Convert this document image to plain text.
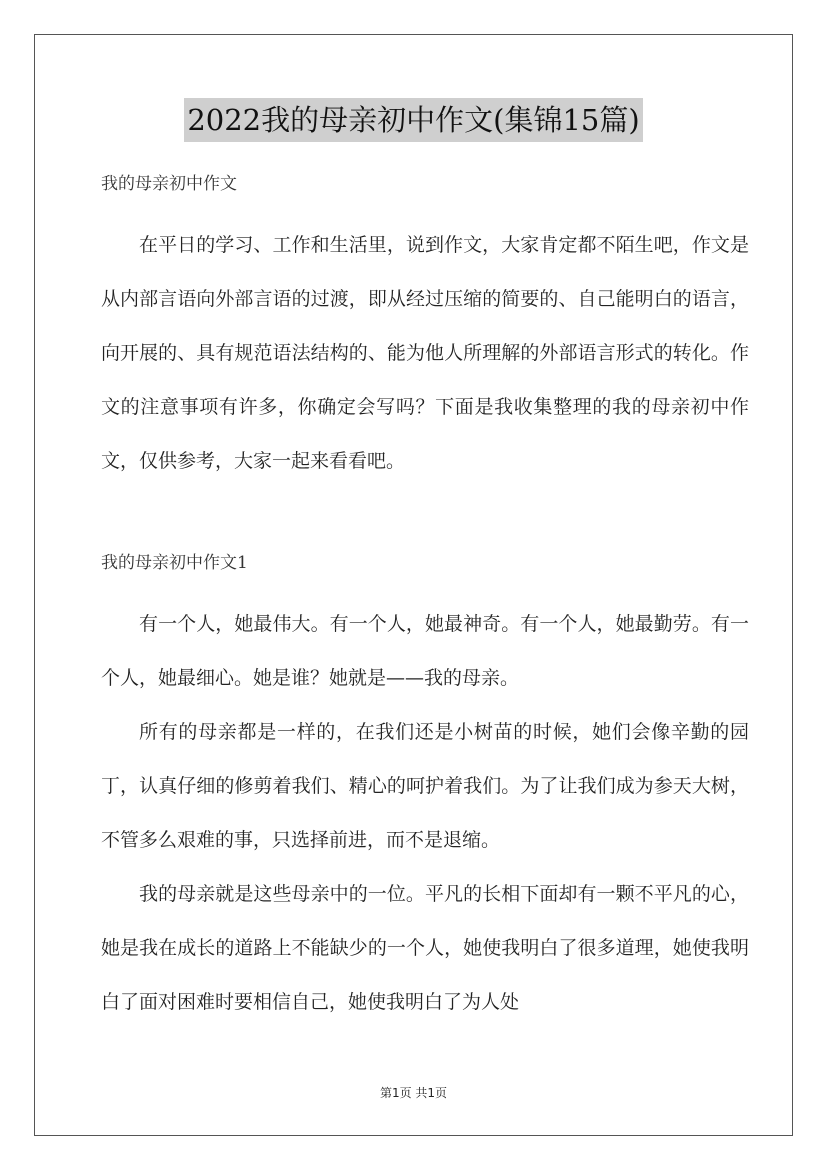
2022我的母亲初中作文(集锦15篇)

我的母亲初中作文

在平日的学习、工作和生活里，说到作文，大家肯定都不陌生吧，作文是从内部言语向外部言语的过渡，即从经过压缩的简要的、自己能明白的语言，向开展的、具有规范语法结构的、能为他人所理解的外部语言形式的转化。作文的注意事项有许多，你确定会写吗？下面是我收集整理的我的母亲初中作文，仅供参考，大家一起来看看吧。

我的母亲初中作文1

有一个人，她最伟大。有一个人，她最神奇。有一个人，她最勤劳。有一个人，她最细心。她是谁？她就是——我的母亲。

所有的母亲都是一样的，在我们还是小树苗的时候，她们会像辛勤的园丁，认真仔细的修剪着我们、精心的呵护着我们。为了让我们成为参天大树，不管多么艰难的事，只选择前进，而不是退缩。

我的母亲就是这些母亲中的一位。平凡的长相下面却有一颗不平凡的心，她是我在成长的道路上不能缺少的一个人，她使我明白了很多道理，她使我明白了面对困难时要相信自己，她使我明白了为人处

第1页 共1页
